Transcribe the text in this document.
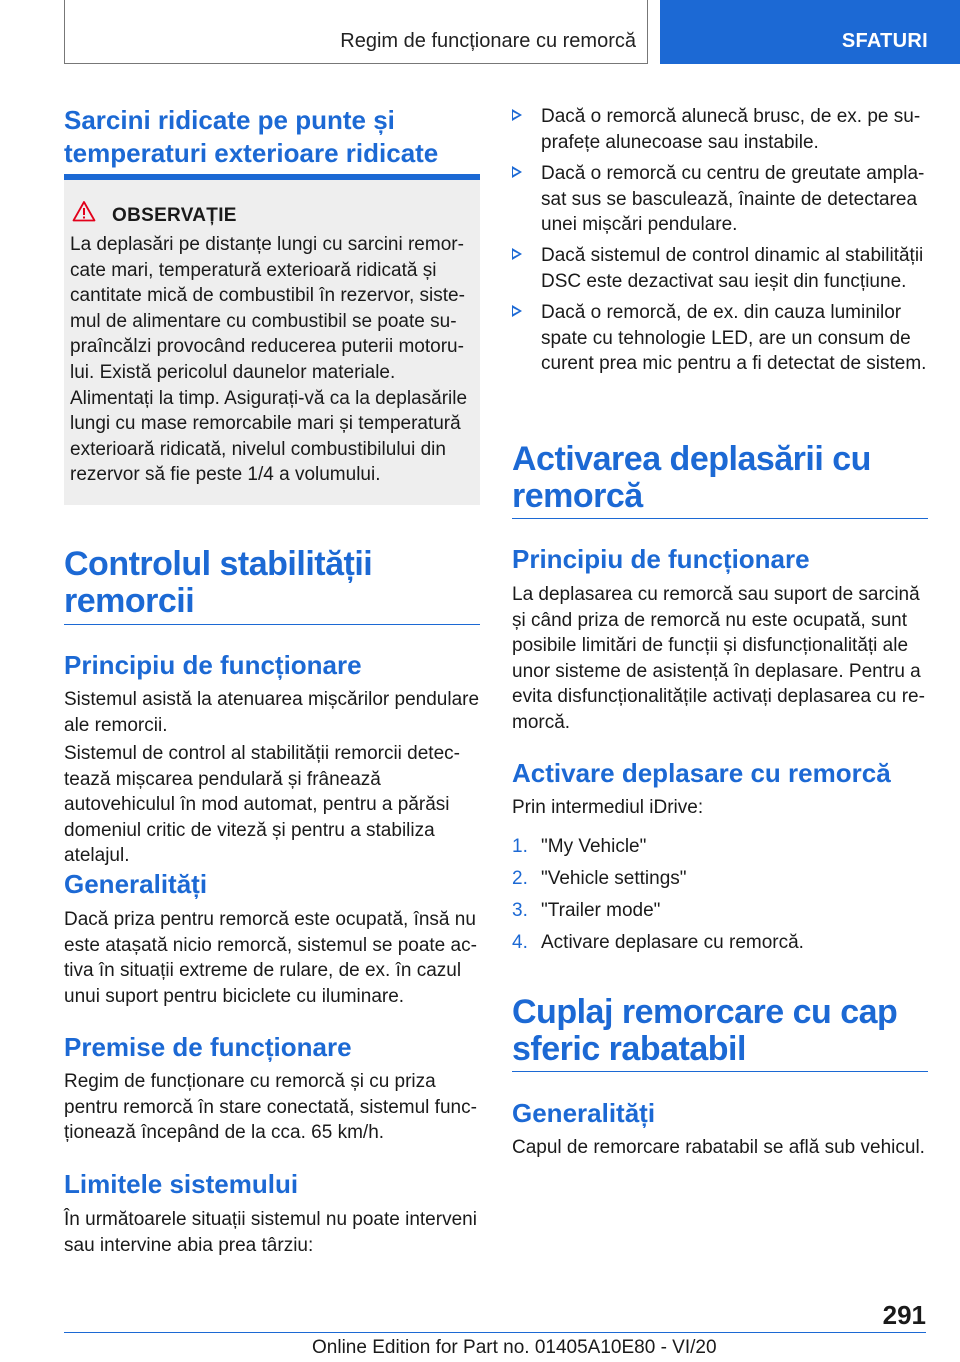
Regim de funcționare cu remorcă	SFATURI
Sarcini ridicate pe punte și temperaturi exterioare ridicate
OBSERVAȚIE
La deplasări pe distanțe lungi cu sarcini remorcate mari, temperatură exterioară ridicată și cantitate mică de combustibil în rezervor, sistemul de alimentare cu combustibil se poate supraîncălzi provocând reducerea puterii motorului. Există pericolul daunelor materiale. Alimentați la timp. Asigurați-vă ca la deplasările lungi cu mase remorcabile mari și temperatură exterioară ridicată, nivelul combustibilului din rezervor să fie peste 1/4 a volumului.
Controlul stabilității remorcii
Principiu de funcționare
Sistemul asistă la atenuarea mișcărilor pendulare ale remorcii.
Sistemul de control al stabilității remorcii detectează mișcarea pendulară și frânează autovehiculul în mod automat, pentru a părăsi domeniul critic de viteză și pentru a stabiliza atelajul.
Generalități
Dacă priza pentru remorcă este ocupată, însă nu este atașată nicio remorcă, sistemul se poate activa în situații extreme de rulare, de ex. în cazul unui suport pentru biciclete cu iluminare.
Premise de funcționare
Regim de funcționare cu remorcă și cu priza pentru remorcă în stare conectată, sistemul funcționează începând de la cca. 65 km/h.
Limitele sistemului
În următoarele situații sistemul nu poate interveni sau intervine abia prea târziu:
Dacă o remorcă alunecă brusc, de ex. pe suprafețe alunecoase sau instabile.
Dacă o remorcă cu centru de greutate amplasat sus se basculează, înainte de detectarea unei mișcări pendulare.
Dacă sistemul de control dinamic al stabilității DSC este dezactivat sau ieșit din funcțiune.
Dacă o remorcă, de ex. din cauza luminilor spate cu tehnologie LED, are un consum de curent prea mic pentru a fi detectat de sistem.
Activarea deplasării cu remorcă
Principiu de funcționare
La deplasarea cu remorcă sau suport de sarcină și când priza de remorcă nu este ocupată, sunt posibile limitări de funcții și disfuncționalități ale unor sisteme de asistență în deplasare. Pentru a evita disfuncționalitățile activați deplasarea cu remorcă.
Activare deplasare cu remorcă
Prin intermediul iDrive:
1. "My Vehicle"
2. "Vehicle settings"
3. "Trailer mode"
4. Activare deplasare cu remorcă.
Cuplaj remorcare cu cap sferic rabatabil
Generalități
Capul de remorcare rabatabil se află sub vehicul.
291
Online Edition for Part no. 01405A10E80 - VI/20
